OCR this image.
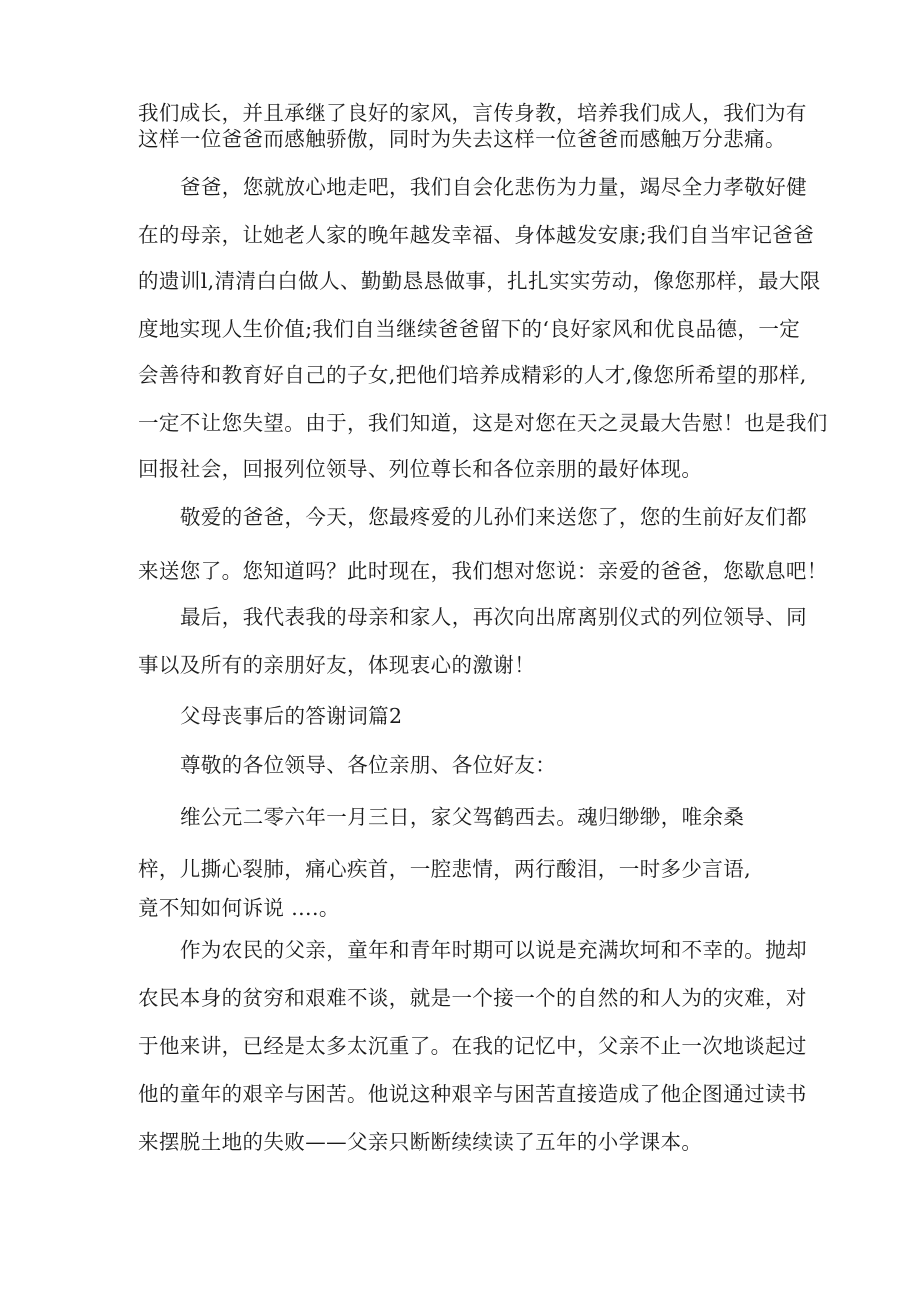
我们成长，并且承继了良好的家风，言传身教，培养我们成人，我们为有
这样一位爸爸而感触骄傲，同时为失去这样一位爸爸而感触万分悲痛。
爸爸，您就放心地走吧，我们自会化悲伤为力量，竭尽全力孝敬好健
在的母亲，让她老人家的晚年越发幸福、身体越发安康;我们自当牢记爸爸
的遗训l,清清白白做人、勤勤恳恳做事，扎扎实实劳动，像您那样，最大限
度地实现人生价值;我们自当继续爸爸留下的‘良好家风和优良品德，一定
会善待和教育好自己的子女,把他们培养成精彩的人才,像您所希望的那样,
一定不让您失望。由于，我们知道，这是对您在天之灵最大告慰！也是我们
回报社会，回报列位领导、列位尊长和各位亲朋的最好体现。
敬爱的爸爸，今天，您最疼爱的儿孙们来送您了，您的生前好友们都
来送您了。您知道吗？此时现在，我们想对您说：亲爱的爸爸，您歇息吧！
最后，我代表我的母亲和家人，再次向出席离别仪式的列位领导、同
事以及所有的亲朋好友，体现衷心的激谢！
父母丧事后的答谢词篇2
尊敬的各位领导、各位亲朋、各位好友：
维公元二零六年一月三日，家父驾鹤西去。魂归缈缈，唯余桑
梓，儿撕心裂肺，痛心疾首，一腔悲情，两行酸泪，一时多少言语,
竟不知如何诉说 ....。
作为农民的父亲，童年和青年时期可以说是充满坎坷和不幸的。抛却
农民本身的贫穷和艰难不谈，就是一个接一个的自然的和人为的灾难，对
于他来讲，已经是太多太沉重了。在我的记忆中，父亲不止一次地谈起过
他的童年的艰辛与困苦。他说这种艰辛与困苦直接造成了他企图通过读书
来摆脱土地的失败——父亲只断断续续读了五年的小学课本。
